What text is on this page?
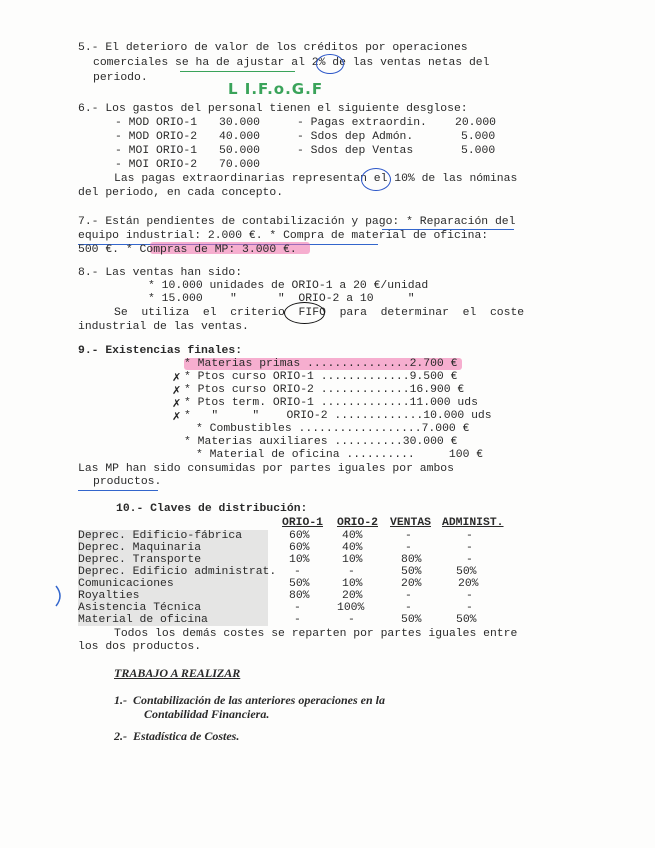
5.- El deterioro de valor de los créditos por operaciones
comerciales se ha de ajustar al 2% de las ventas netas del
periodo.
L I.F.o.G.F
6.- Los gastos del personal tienen el siguiente desglose:
- MOD ORIO-1 30.000	- Pagas extraordin. 20.000
- MOD ORIO-2 40.000	- Sdos dep Admón.	5.000
- MOI ORIO-1 50.000	- Sdos dep Ventas	5.000
- MOI ORIO-2 70.000
Las pagas extraordinarias representan el 10% de las nóminas
del periodo, en cada concepto.
7.- Están pendientes de contabilización y pago: * Reparación del
equipo industrial: 2.000 €. * Compra de material de oficina:
500 €. * Compras de MP: 3.000 €.
8.- Las ventas han sido:
* 10.000 unidades de ORIO-1 a 20 €/unidad
* 15.000    "      "  ORIO-2 a 10     "
Se  utiliza  el  criterio  FIFO  para  determinar  el  coste
industrial de las ventas.
9.- Existencias finales:
* Materias primas ...............2.700 €
✗ * Ptos curso ORIO-1 .............9.500 €
✗ * Ptos curso ORIO-2 .............16.900 €
✗ * Ptos term. ORIO-1 .............11.000 uds
✗ *   "     "    ORIO-2 .............10.000 uds
* Combustibles ..................7.000 €
* Materias auxiliares ..........30.000 €
* Material de oficina ..........     100 €
Las MP han sido consumidas por partes iguales por ambos
productos.
10.- Claves de distribución:
ORIO-1 ORIO-2 VENTAS ADMINIST.
Deprec. Edificio-fábrica	60%	40%	-	-
Deprec. Maquinaria	60%	40%	-	-
Deprec. Transporte	10%	10%	80%	-
Deprec. Edificio administrat. -	-	50%	50%
Comunicaciones	50%	10%	20%	20%
Royalties	80%	20%	-	-
Asistencia Técnica	-	100%	-	-
Material de oficina	-	-	50%	50%
Todos los demás costes se reparten por partes iguales entre
los dos productos.
TRABAJO A REALIZAR
1.-  Contabilización de las anteriores operaciones en la
Contabilidad Financiera.
2.-  Estadística de Costes.
